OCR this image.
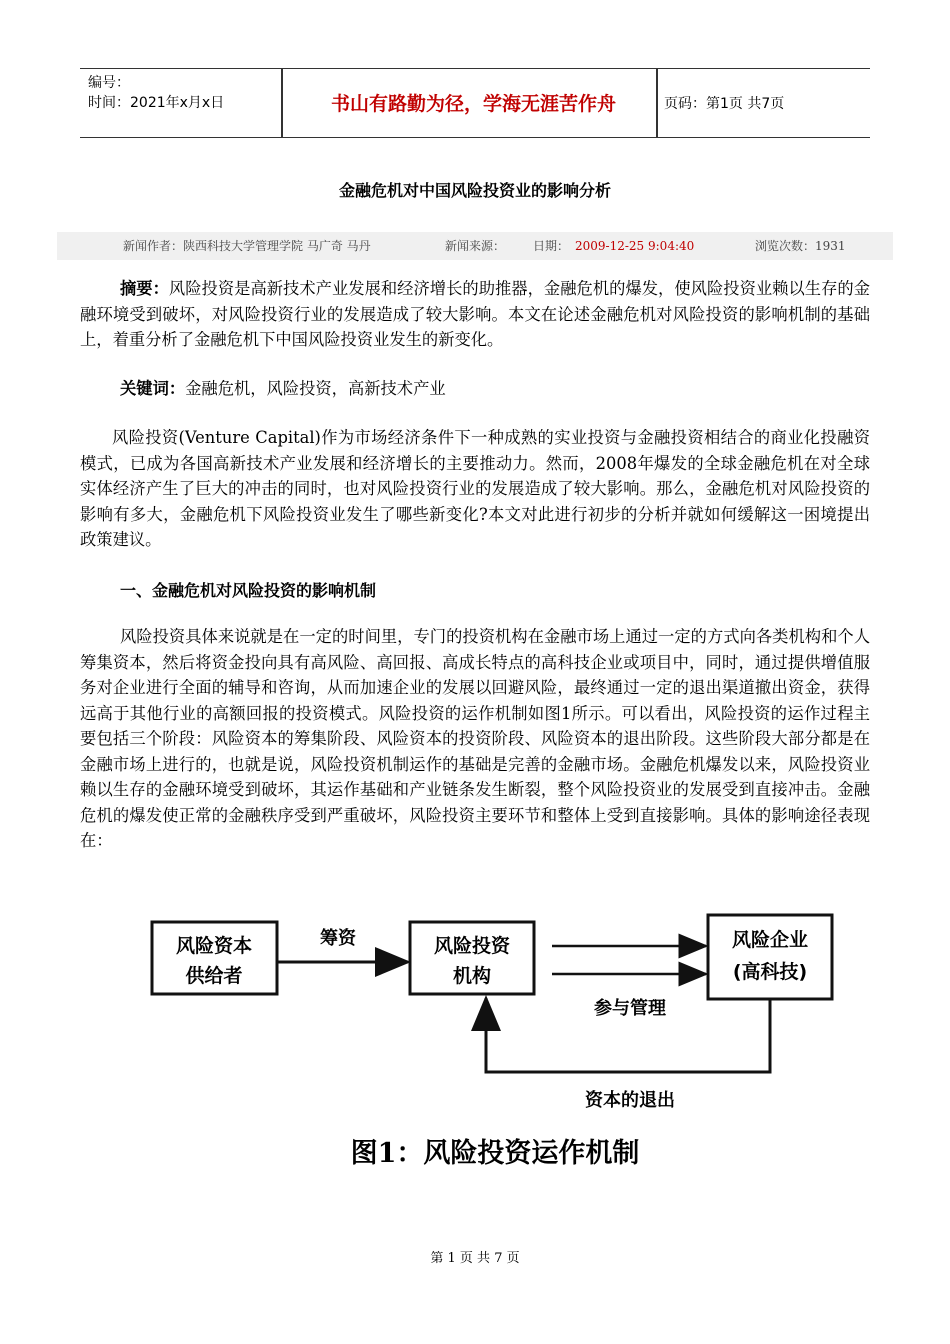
编号：
时间：2021年x月x日	书山有路勤为径，学海无涯苦作舟	页码：第1页 共7页
金融危机对中国风险投资业的影响分析
新闻作者：陕西科技大学管理学院 马广奇 马丹	新闻来源： 日期： 2009-12-25 9:04:40	浏览次数：1931

摘要：风险投资是高新技术产业发展和经济增长的助推器，金融危机的爆发，使风险投资业赖以生存的金融环境受到破坏，对风险投资行业的发展造成了较大影响。本文在论述金融危机对风险投资的影响机制的基础上，着重分析了金融危机下中国风险投资业发生的新变化。

关键词：金融危机，风险投资，高新技术产业

风险投资(Venture Capital)作为市场经济条件下一种成熟的实业投资与金融投资相结合的商业化投融资模式，已成为各国高新技术产业发展和经济增长的主要推动力。然而，2008年爆发的全球金融危机在对全球实体经济产生了巨大的冲击的同时，也对风险投资行业的发展造成了较大影响。那么，金融危机对风险投资的影响有多大，金融危机下风险投资业发生了哪些新变化?本文对此进行初步的分析并就如何缓解这一困境提出政策建议。

一、金融危机对风险投资的影响机制

风险投资具体来说就是在一定的时间里，专门的投资机构在金融市场上通过一定的方式向各类机构和个人筹集资本，然后将资金投向具有高风险、高回报、高成长特点的高科技企业或项目中，同时，通过提供增值服务对企业进行全面的辅导和咨询，从而加速企业的发展以回避风险，最终通过一定的退出渠道撤出资金，获得远高于其他行业的高额回报的投资模式。风险投资的运作机制如图1所示。可以看出，风险投资的运作过程主要包括三个阶段：风险资本的筹集阶段、风险资本的投资阶段、风险资本的退出阶段。这些阶段大部分都是在金融市场上进行的，也就是说，风险投资机制运作的基础是完善的金融市场。金融危机爆发以来，风险投资业赖以生存的金融环境受到破坏，其运作基础和产业链条发生断裂，整个风险投资业的发展受到直接冲击。金融危机的爆发使正常的金融秩序受到严重破坏，风险投资主要环节和整体上受到直接影响。具体的影响途径表现在：

风险资本
供给者
风险投资
机构
风险企业
(高科技)
筹资
参与管理
资本的退出
图1：风险投资运作机制
第 1 页 共 7 页
